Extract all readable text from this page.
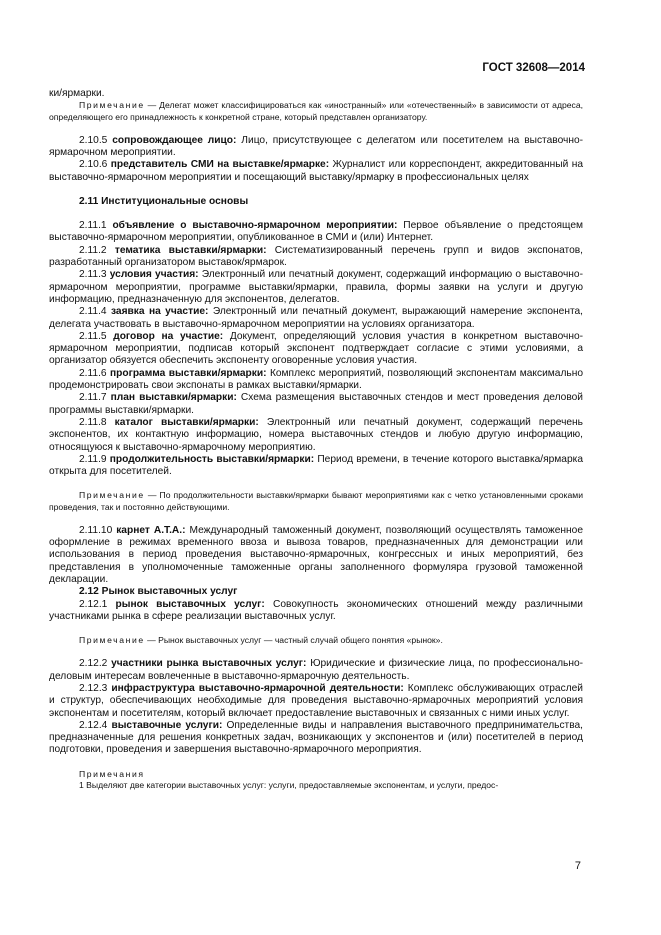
ГОСТ 32608—2014

ки/ярмарки.

Примечание — Делегат может классифицироваться как «иностранный» или «отечественный» в зависимости от адреса, определяющего его принадлежность к конкретной стране, который представлен организатору.

2.10.5 сопровождающее лицо: Лицо, присутствующее с делегатом или посетителем на выставочно-ярмарочном мероприятии.

2.10.6 представитель СМИ на выставке/ярмарке: Журналист или корреспондент, аккредитованный на выставочно-ярмарочном мероприятии и посещающий выставку/ярмарку в профессиональных целях

2.11 Институциональные основы

2.11.1 объявление о выставочно-ярмарочном мероприятии: Первое объявление о предстоящем выставочно-ярмарочном мероприятии, опубликованное в СМИ и (или) Интернет.

2.11.2 тематика выставки/ярмарки: Систематизированный перечень групп и видов экспонатов, разработанный организатором выставок/ярмарок.

2.11.3 условия участия: Электронный или печатный документ, содержащий информацию о выставочно-ярмарочном мероприятии, программе выставки/ярмарки, правила, формы заявки на услуги и другую информацию, предназначенную для экспонентов, делегатов.

2.11.4 заявка на участие: Электронный или печатный документ, выражающий намерение экспонента, делегата участвовать в выставочно-ярмарочном мероприятии на условиях организатора.

2.11.5 договор на участие: Документ, определяющий условия участия в конкретном выставочно-ярмарочном мероприятии, подписав который экспонент подтверждает согласие с этими условиями, а организатор обязуется обеспечить экспоненту оговоренные условия участия.

2.11.6 программа выставки/ярмарки: Комплекс мероприятий, позволяющий экспонентам максимально продемонстрировать свои экспонаты в рамках выставки/ярмарки.

2.11.7 план выставки/ярмарки: Схема размещения выставочных стендов и мест проведения деловой программы выставки/ярмарки.

2.11.8 каталог выставки/ярмарки: Электронный или печатный документ, содержащий перечень экспонентов, их контактную информацию, номера выставочных стендов и любую другую информацию, относящуюся к выставочно-ярмарочному мероприятию.

2.11.9 продолжительность выставки/ярмарки: Период времени, в течение которого выставка/ярмарка открыта для посетителей.

Примечание — По продолжительности выставки/ярмарки бывают мероприятиями как с четко установленными сроками проведения, так и постоянно действующими.

2.11.10 карнет А.Т.А.: Международный таможенный документ, позволяющий осуществлять таможенное оформление в режимах временного ввоза и вывоза товаров, предназначенных для демонстрации или использования в период проведения выставочно-ярмарочных, конгрессных и иных мероприятий, без представления в уполномоченные таможенные органы заполненного формуляра грузовой таможенной декларации.

2.12 Рынок выставочных услуг

2.12.1 рынок выставочных услуг: Совокупность экономических отношений между различными участниками рынка в сфере реализации выставочных услуг.

Примечание — Рынок выставочных услуг — частный случай общего понятия «рынок».

2.12.2 участники рынка выставочных услуг: Юридические и физические лица, по профессионально-деловым интересам вовлеченные в выставочно-ярмарочную деятельность.

2.12.3 инфраструктура выставочно-ярмарочной деятельности: Комплекс обслуживающих отраслей и структур, обеспечивающих необходимые для проведения выставочно-ярмарочных мероприятий условия экспонентам и посетителям, который включает предоставление выставочных и связанных с ними иных услуг.

2.12.4 выставочные услуги: Определенные виды и направления выставочного предпринимательства, предназначенные для решения конкретных задач, возникающих у экспонентов и (или) посетителей в период подготовки, проведения и завершения выставочно-ярмарочного мероприятия.

Примечания

1 Выделяют две категории выставочных услуг: услуги, предоставляемые экспонентам, и услуги, предос-

7
